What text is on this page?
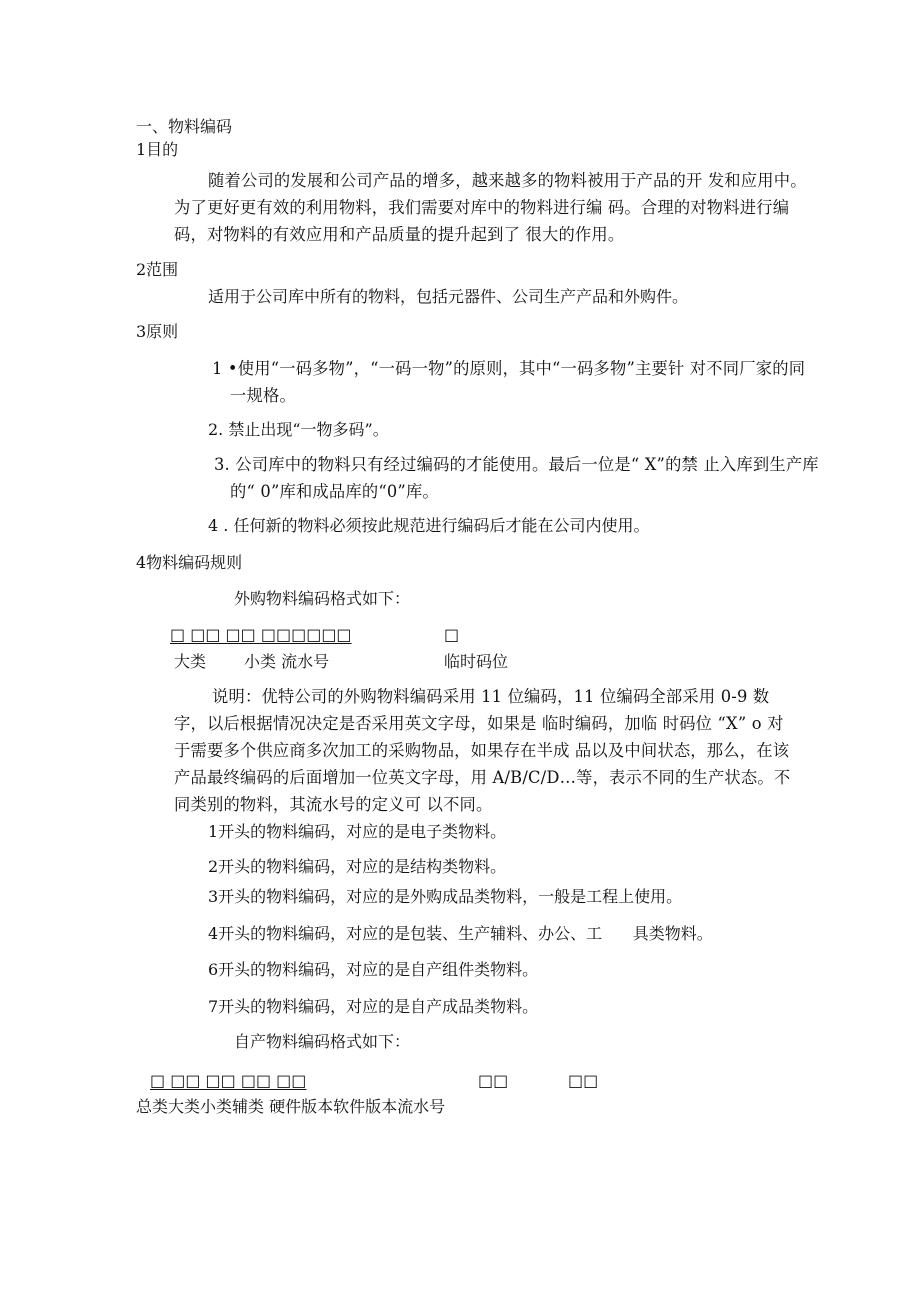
一、物料编码
1目的
随着公司的发展和公司产品的增多，越来越多的物料被用于产品的开 发和应用中。为了更好更有效的利用物料，我们需要对库中的物料进行编 码。合理的对物料进行编码，对物料的有效应用和产品质量的提升起到了 很大的作用。
2范围
适用于公司库中所有的物料，包括元器件、公司生产产品和外购件。
3原则
1 •使用“一码多物”，“一码一物”的原则，其中“一码多物”主要针 对不同厂家的同一规格。
2. 禁止出现“一物多码”。
3. 公司库中的物料只有经过编码的才能使用。最后一位是“ X”的禁 止入库到生产库的“ 0”库和成品库的“0”库。
4 . 任何新的物料必须按此规范进行编码后才能在公司内使用。
4物料编码规则
外购物料编码格式如下：
□ □□ □□ □□□□□□	□
大类 小类 流水号	临时码位
说明：优特公司的外购物料编码采用 11 位编码，11 位编码全部采用 0-9 数字，以后根据情况决定是否采用英文字母，如果是 临时编码，加临 时码位 “X” o 对于需要多个供应商多次加工的采购物品，如果存在半成 品以及中间状态，那么，在该产品最终编码的后面增加一位英文字母，用 A/B/C/D…等，表示不同的生产状态。不同类别的物料，其流水号的定义可 以不同。
1开头的物料编码，对应的是电子类物料。
2开头的物料编码，对应的是结构类物料。
3开头的物料编码，对应的是外购成品类物料，一般是工程上使用。
4开头的物料编码，对应的是包装、生产辅料、办公、工      具类物料。
6开头的物料编码，对应的是自产组件类物料。
7开头的物料编码，对应的是自产成品类物料。
自产物料编码格式如下：
□ □□ □□ □□ □□	□□	□□
总类大类小类辅类 硬件版本软件版本流水号
